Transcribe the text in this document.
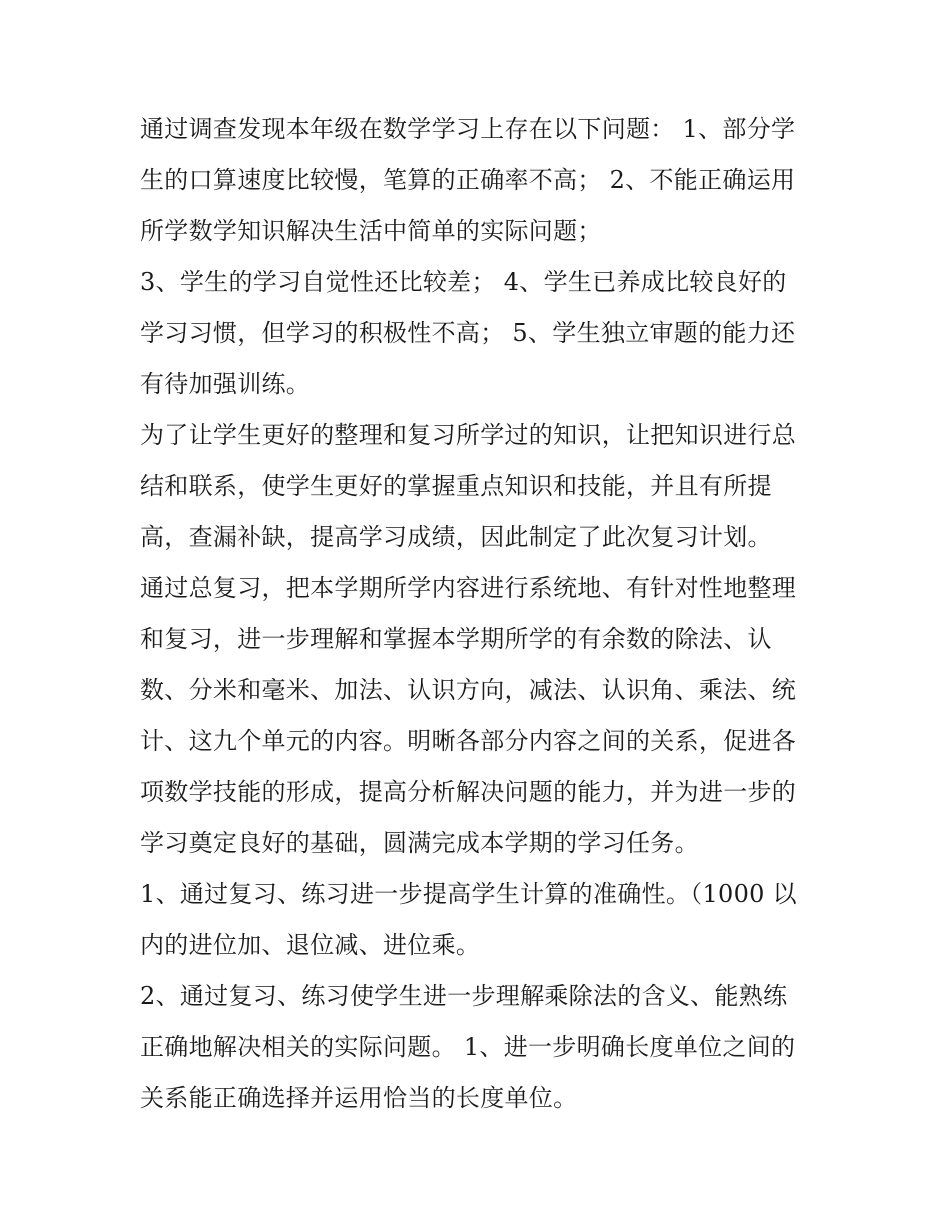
通过调查发现本年级在数学学习上存在以下问题： 1、部分学
生的口算速度比较慢，笔算的正确率不高； 2、不能正确运用
所学数学知识解决生活中简单的实际问题；
3、学生的学习自觉性还比较差； 4、学生已养成比较良好的
学习习惯，但学习的积极性不高； 5、学生独立审题的能力还
有待加强训练。
为了让学生更好的整理和复习所学过的知识，让把知识进行总
结和联系，使学生更好的掌握重点知识和技能，并且有所提
高，查漏补缺，提高学习成绩，因此制定了此次复习计划。
通过总复习，把本学期所学内容进行系统地、有针对性地整理
和复习，进一步理解和掌握本学期所学的有余数的除法、认
数、分米和毫米、加法、认识方向，减法、认识角、乘法、统
计、这九个单元的内容。明晰各部分内容之间的关系，促进各
项数学技能的形成，提高分析解决问题的能力，并为进一步的
学习奠定良好的基础，圆满完成本学期的学习任务。
1、通过复习、练习进一步提高学生计算的准确性。（1000 以
内的进位加、退位减、进位乘。
2、通过复习、练习使学生进一步理解乘除法的含义、能熟练
正确地解决相关的实际问题。 1、进一步明确长度单位之间的
关系能正确选择并运用恰当的长度单位。
